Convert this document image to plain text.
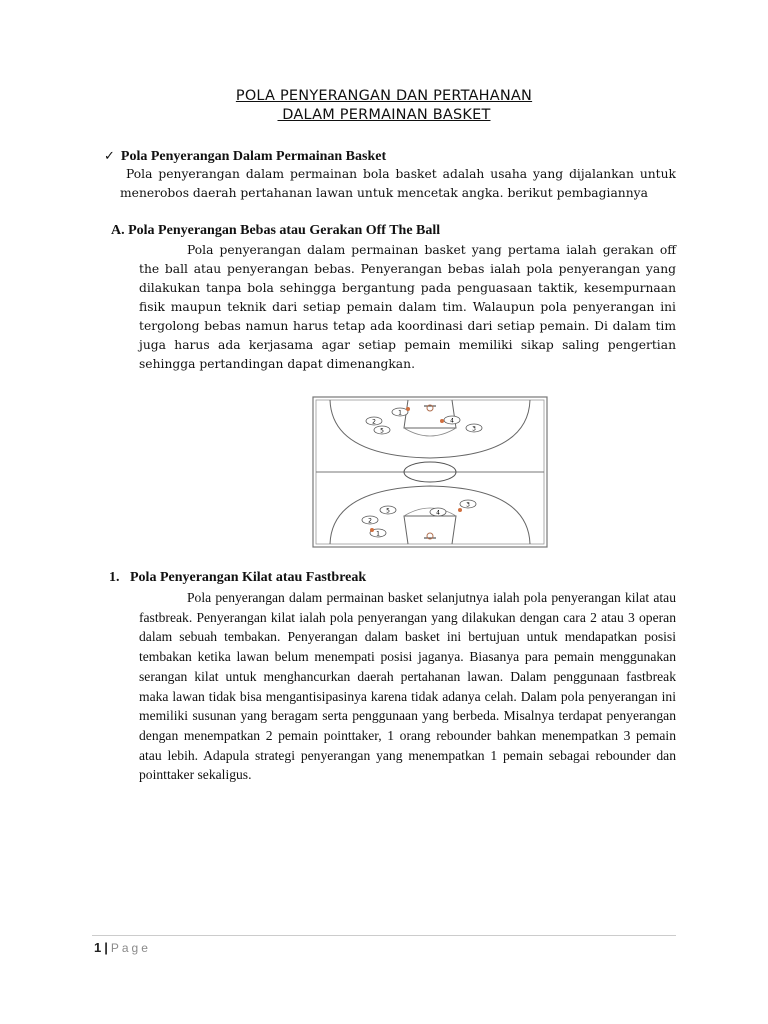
POLA PENYERANGAN DAN PERTAHANAN
DALAM PERMAINAN BASKET
✓ Pola Penyerangan Dalam Permainan Basket
Pola penyerangan dalam permainan bola basket adalah usaha yang dijalankan untuk menerobos daerah pertahanan lawan untuk mencetak angka. berikut pembagiannya
A. Pola Penyerangan Bebas atau Gerakan Off The Ball
Pola penyerangan dalam permainan basket yang pertama ialah gerakan off the ball atau penyerangan bebas. Penyerangan bebas ialah pola penyerangan yang dilakukan tanpa bola sehingga bergantung pada penguasaan taktik, kesempurnaan fisik maupun teknik dari setiap pemain dalam tim. Walaupun pola penyerangan ini tergolong bebas namun harus tetap ada koordinasi dari setiap pemain. Di dalam tim juga harus ada kerjasama agar setiap pemain memiliki sikap saling pengertian sehingga pertandingan dapat dimenangkan.
1
2	4
3
5
3
4
2
1
5
1.   Pola Penyerangan Kilat atau Fastbreak
Pola penyerangan dalam permainan basket selanjutnya ialah pola penyerangan kilat atau fastbreak. Penyerangan kilat ialah pola penyerangan yang dilakukan dengan cara 2 atau 3 operan dalam sebuah tembakan. Penyerangan dalam basket ini bertujuan untuk mendapatkan posisi tembakan ketika lawan belum menempati posisi jaganya. Biasanya para pemain menggunakan serangan kilat untuk menghancurkan daerah pertahanan lawan. Dalam penggunaan fastbreak maka lawan tidak bisa mengantisipasinya karena tidak adanya celah. Dalam pola penyerangan ini memiliki susunan yang beragam serta penggunaan yang berbeda. Misalnya terdapat penyerangan dengan menempatkan 2 pemain pointtaker, 1 orang rebounder bahkan menempatkan 3 pemain atau lebih. Adapula strategi penyerangan yang menempatkan 1 pemain sebagai rebounder dan pointtaker sekaligus.
1 | Page
